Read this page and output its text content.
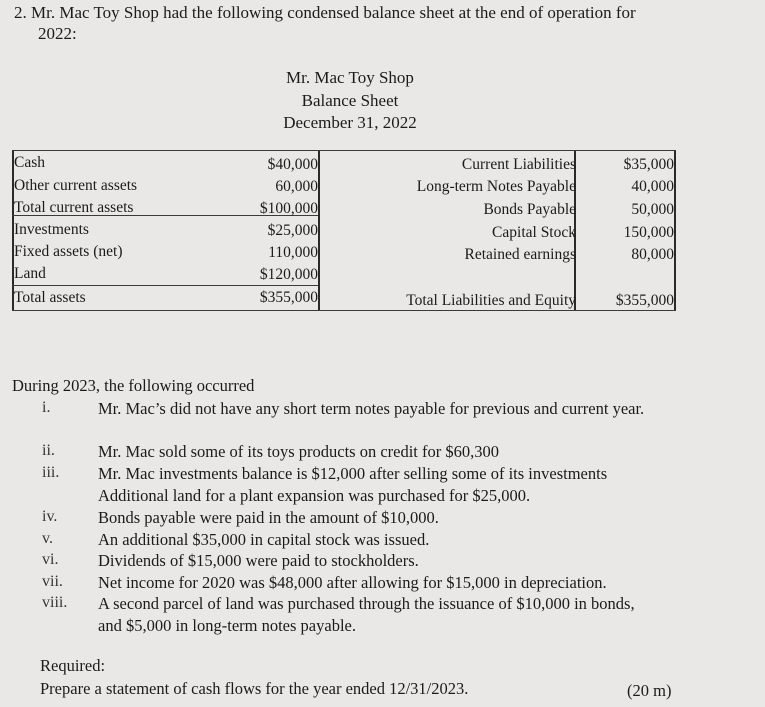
2. Mr. Mac Toy Shop had the following condensed balance sheet at the end of operation for
2022:
Mr. Mac Toy Shop
Balance Sheet
December 31, 2022
Cash	$40,000
Other current assets	60,000
Total current assets	$100,000
Investments	$25,000
Fixed assets (net)	110,000
Land	$120,000
Total assets	$355,000
Current Liabilities	$35,000
Long-term Notes Payable	40,000
Bonds Payable	50,000
Capital Stock	150,000
Retained earnings	80,000
Total Liabilities and Equity	$355,000
During 2023, the following occurred
i.	Mr. Mac’s did not have any short term notes payable for previous and current year.
ii.	Mr. Mac sold some of its toys products on credit for $60,300
iii. Mr. Mac investments balance is $12,000 after selling some of its investments
Additional land for a plant expansion was purchased for $25,000.
iv. Bonds payable were paid in the amount of $10,000.
v.	An additional $35,000 in capital stock was issued.
vi. Dividends of $15,000 were paid to stockholders.
vii. Net income for 2020 was $48,000 after allowing for $15,000 in depreciation.
viii. A second parcel of land was purchased through the issuance of $10,000 in bonds,
and $5,000 in long-term notes payable.
Required:
Prepare a statement of cash flows for the year ended 12/31/2023.	(20 m)
